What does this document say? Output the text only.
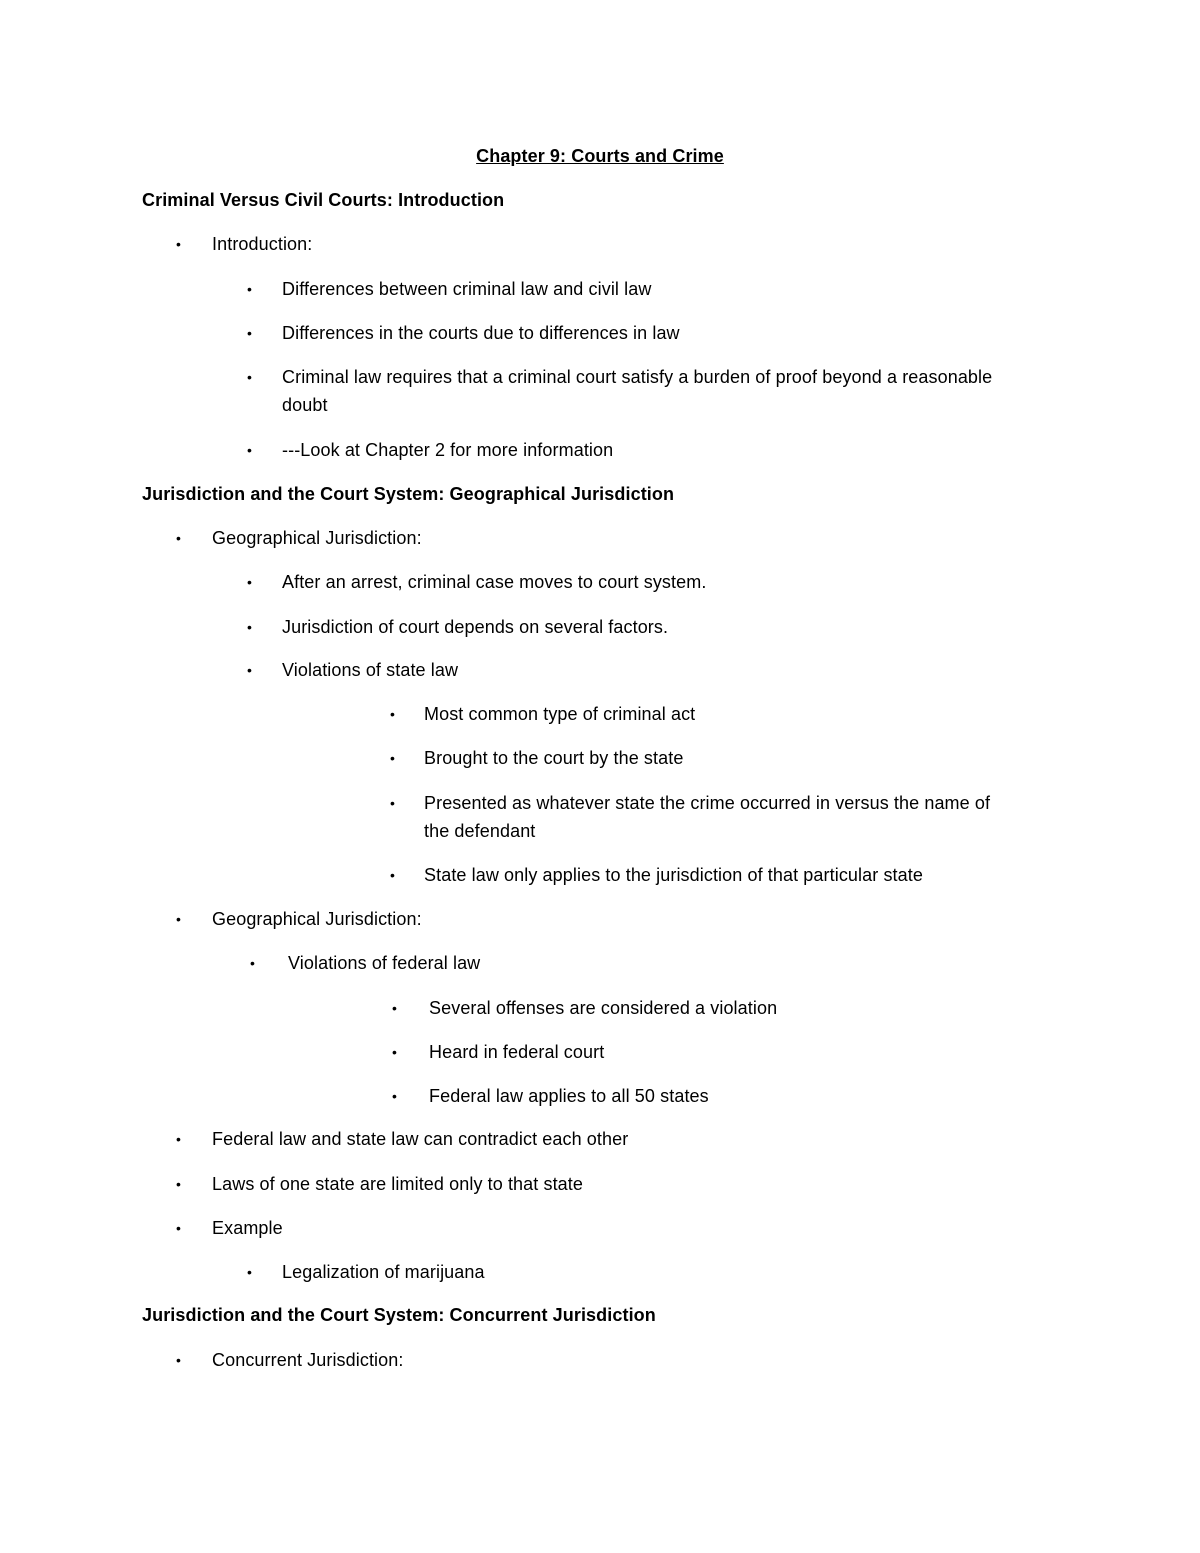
Chapter 9: Courts and Crime
Criminal Versus Civil Courts: Introduction
• Introduction:
• Differences between criminal law and civil law
• Differences in the courts due to differences in law
• Criminal law requires that a criminal court satisfy a burden of proof beyond a reasonable
doubt
• ---Look at Chapter 2 for more information
Jurisdiction and the Court System: Geographical Jurisdiction
• Geographical Jurisdiction:
• After an arrest, criminal case moves to court system.
• Jurisdiction of court depends on several factors.
• Violations of state law
• Most common type of criminal act
• Brought to the court by the state
• Presented as whatever state the crime occurred in versus the name of
the defendant
• State law only applies to the jurisdiction of that particular state
• Geographical Jurisdiction:
• Violations of federal law
• Several offenses are considered a violation
• Heard in federal court
• Federal law applies to all 50 states
• Federal law and state law can contradict each other
• Laws of one state are limited only to that state
• Example
• Legalization of marijuana
Jurisdiction and the Court System: Concurrent Jurisdiction
• Concurrent Jurisdiction:
